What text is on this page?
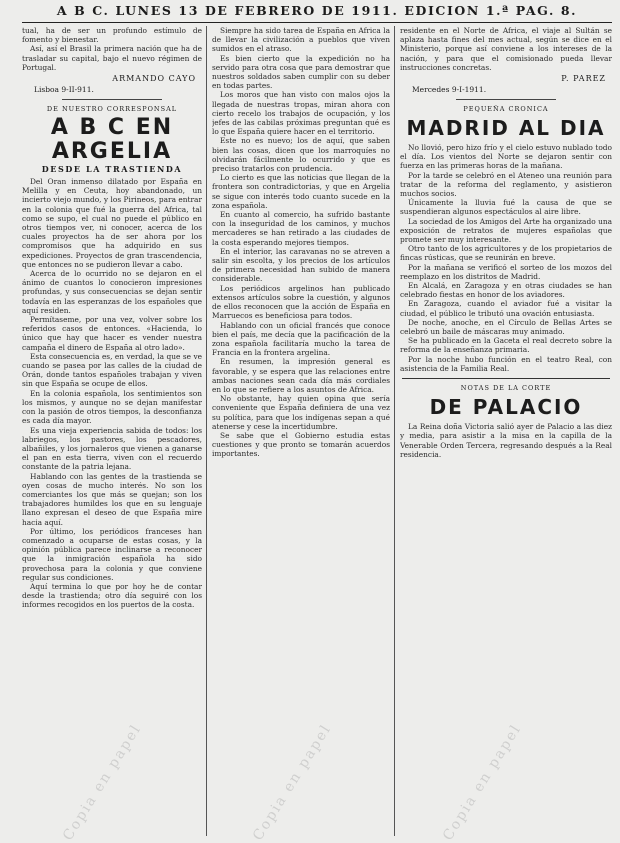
A B C. LUNES 13 DE FEBRERO DE 1911. EDICION 1.ª PAG. 8.

tual, ha de ser un profundo estímulo de fomento y bienestar.

Así, así el Brasil la primera nación que ha de trasladar su capital, bajo el nuevo régimen de Portugal.

ARMANDO CAYO
Lisboa 9-II-911.
DE NUESTRO CORRESPONSAL
A B C EN ARGELIA
DESDE LA TRASTIENDA

Del Oran inmenso dilatado por España en Melilla y en Ceuta, hoy abandonado, un incierto viejo mundo, y los Pirineos, para entrar en la colonia que fué la guerra del Africa, tal como se supo, el cual no puede el público en otros tiempos ver, ni conocer, acerca de los cuales proyectos ha de ser ahora por los compromisos que ha adquirido en sus expediciones. Proyectos de gran trascendencia, que entonces no se pudieron llevar a cabo.

Acerca de lo ocurrido no se dejaron en el ánimo de cuantos lo conocieron impresiones profundas, y sus consecuencias se dejan sentir todavía en las esperanzas de los españoles que aquí residen.

Permítaseme, por una vez, volver sobre los referidos casos de entonces. «Hacienda, lo único que hay que hacer es vender nuestra campaña el dinero de España al otro lado».

Esta consecuencia es, en verdad, la que se ve cuando se pasea por las calles de la ciudad de Orán, donde tantos españoles trabajan y viven sin que España se ocupe de ellos.

En la colonia española, los sentimientos son los mismos, y aunque no se dejan manifestar con la pasión de otros tiempos, la desconfianza es cada día mayor.

Es una vieja experiencia sabida de todos: los labriegos, los pastores, los pescadores, albañiles, y los jornaleros que vienen a ganarse el pan en esta tierra, viven con el recuerdo constante de la patria lejana.

Hablando con las gentes de la trastienda se oyen cosas de mucho interés. No son los comerciantes los que más se quejan; son los trabajadores humildes los que en su lenguaje llano expresan el deseo de que España mire hacia aquí.

Por último, los periódicos franceses han comenzado a ocuparse de estas cosas, y la opinión pública parece inclinarse a reconocer que la inmigración española ha sido provechosa para la colonia y que conviene regular sus condiciones.

Aquí termina lo que por hoy he de contar desde la trastienda; otro día seguiré con los informes recogidos en los puertos de la costa.

Siempre ha sido tarea de España en Africa la de llevar la civilización a pueblos que viven sumidos en el atraso.

Es bien cierto que la expedición no ha servido para otra cosa que para demostrar que nuestros soldados saben cumplir con su deber en todas partes.

Los moros que han visto con malos ojos la llegada de nuestras tropas, miran ahora con cierto recelo los trabajos de ocupación, y los jefes de las cabilas próximas preguntan qué es lo que España quiere hacer en el territorio.

Este no es nuevo; los de aquí, que saben bien las cosas, dicen que los marroquíes no olvidarán fácilmente lo ocurrido y que es preciso tratarlos con prudencia.

Lo cierto es que las noticias que llegan de la frontera son contradictorias, y que en Argelia se sigue con interés todo cuanto sucede en la zona española.

En cuanto al comercio, ha sufrido bastante con la inseguridad de los caminos, y muchos mercaderes se han retirado a las ciudades de la costa esperando mejores tiempos.

En el interior, las caravanas no se atreven a salir sin escolta, y los precios de los artículos de primera necesidad han subido de manera considerable.

Los periódicos argelinos han publicado extensos artículos sobre la cuestión, y algunos de ellos reconocen que la acción de España en Marruecos es beneficiosa para todos.

Hablando con un oficial francés que conoce bien el país, me decía que la pacificación de la zona española facilitaría mucho la tarea de Francia en la frontera argelina.

En resumen, la impresión general es favorable, y se espera que las relaciones entre ambas naciones sean cada día más cordiales en lo que se refiere a los asuntos de Africa.

No obstante, hay quien opina que sería conveniente que España definiera de una vez su política, para que los indígenas sepan a qué atenerse y cese la incertidumbre.

Se sabe que el Gobierno estudia estas cuestiones y que pronto se tomarán acuerdos importantes.

residente en el Norte de Africa, el viaje al Sultán se aplaza hasta fines del mes actual, según se dice en el Ministerio, porque así conviene a los intereses de la nación, y para que el comisionado pueda llevar instrucciones concretas.

P. PAREZ
Mercedes 9-I-1911.
PEQUEÑA CRONICA
MADRID AL DIA

No llovió, pero hizo frío y el cielo estuvo nublado todo el día. Los vientos del Norte se dejaron sentir con fuerza en las primeras horas de la mañana.

Por la tarde se celebró en el Ateneo una reunión para tratar de la reforma del reglamento, y asistieron muchos socios.

Únicamente la lluvia fué la causa de que se suspendieran algunos espectáculos al aire libre.

La sociedad de los Amigos del Arte ha organizado una exposición de retratos de mujeres españolas que promete ser muy interesante.

Otro tanto de los agricultores y de los propietarios de fincas rústicas, que se reunirán en breve.

Por la mañana se verificó el sorteo de los mozos del reemplazo en los distritos de Madrid.

En Alcalá, en Zaragoza y en otras ciudades se han celebrado fiestas en honor de los aviadores.

En Zaragoza, cuando el aviador fué a visitar la ciudad, el público le tributó una ovación entusiasta.

De noche, anoche, en el Círculo de Bellas Artes se celebró un baile de máscaras muy animado.

Se ha publicado en la Gaceta el real decreto sobre la reforma de la enseñanza primaria.

Por la noche hubo función en el teatro Real, con asistencia de la Familia Real.

NOTAS DE LA CORTE
DE PALACIO

La Reina doña Victoria salió ayer de Palacio a las diez y media, para asistir a la misa en la capilla de la Venerable Orden Tercera, regresando después a la Real residencia.

Copia en papel	Copia en papel	Copia en papel
